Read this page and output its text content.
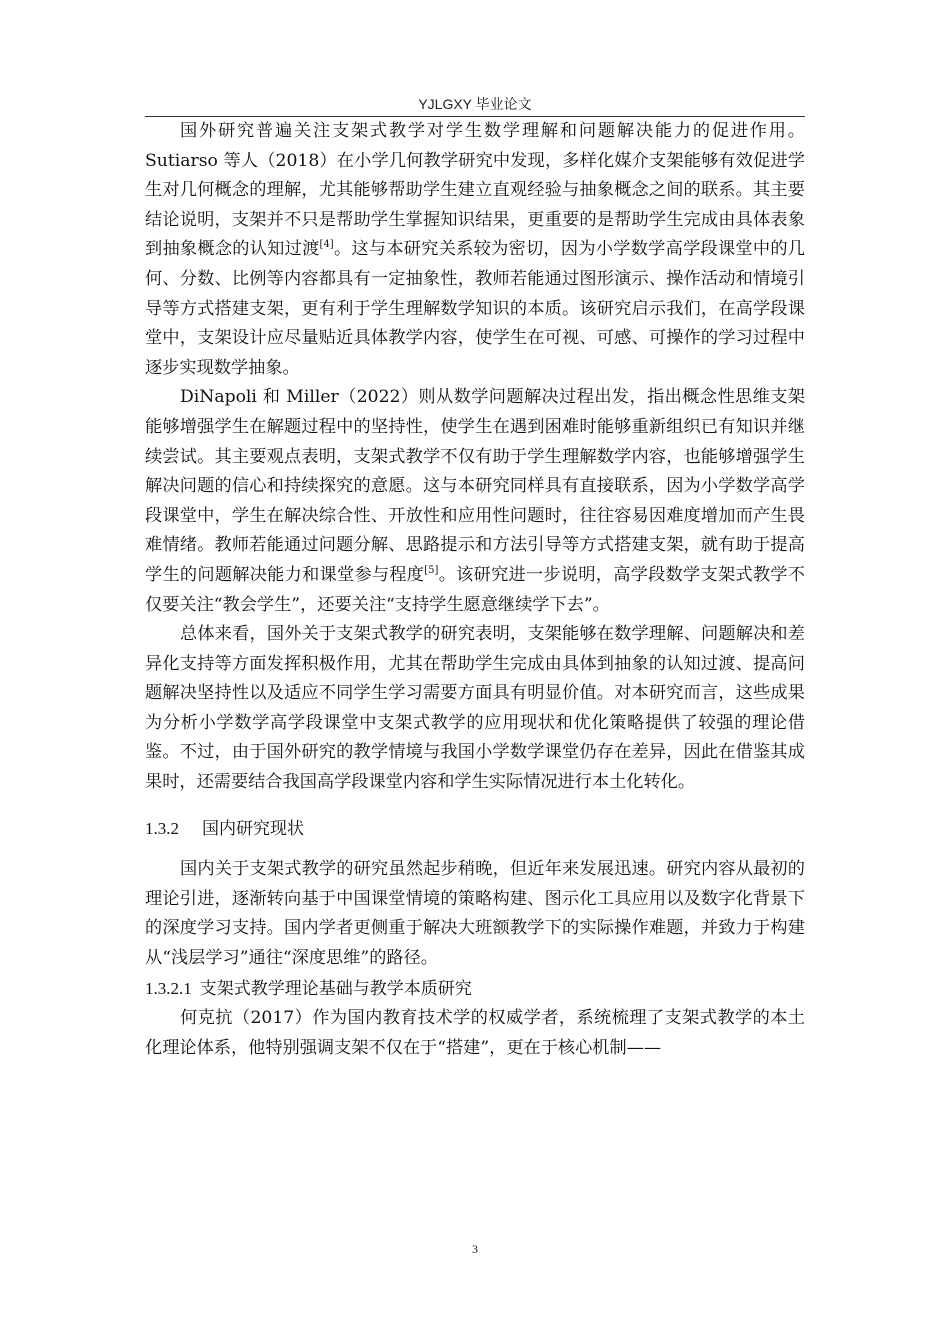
YJLGXY 毕业论文

国外研究普遍关注支架式教学对学生数学理解和问题解决能力的促进作用。Sutiarso 等人（2018）在小学几何教学研究中发现，多样化媒介支架能够有效促进学生对几何概念的理解，尤其能够帮助学生建立直观经验与抽象概念之间的联系。其主要结论说明，支架并不只是帮助学生掌握知识结果，更重要的是帮助学生完成由具体表象到抽象概念的认知过渡[4]。这与本研究关系较为密切，因为小学数学高学段课堂中的几何、分数、比例等内容都具有一定抽象性，教师若能通过图形演示、操作活动和情境引导等方式搭建支架，更有利于学生理解数学知识的本质。该研究启示我们，在高学段课堂中，支架设计应尽量贴近具体教学内容，使学生在可视、可感、可操作的学习过程中逐步实现数学抽象。

DiNapoli 和 Miller（2022）则从数学问题解决过程出发，指出概念性思维支架能够增强学生在解题过程中的坚持性，使学生在遇到困难时能够重新组织已有知识并继续尝试。其主要观点表明，支架式教学不仅有助于学生理解数学内容，也能够增强学生解决问题的信心和持续探究的意愿。这与本研究同样具有直接联系，因为小学数学高学段课堂中，学生在解决综合性、开放性和应用性问题时，往往容易因难度增加而产生畏难情绪。教师若能通过问题分解、思路提示和方法引导等方式搭建支架，就有助于提高学生的问题解决能力和课堂参与程度[5]。该研究进一步说明，高学段数学支架式教学不仅要关注“教会学生”，还要关注“支持学生愿意继续学下去”。

总体来看，国外关于支架式教学的研究表明，支架能够在数学理解、问题解决和差异化支持等方面发挥积极作用，尤其在帮助学生完成由具体到抽象的认知过渡、提高问题解决坚持性以及适应不同学生学习需要方面具有明显价值。对本研究而言，这些成果为分析小学数学高学段课堂中支架式教学的应用现状和优化策略提供了较强的理论借鉴。不过，由于国外研究的教学情境与我国小学数学课堂仍存在差异，因此在借鉴其成果时，还需要结合我国高学段课堂内容和学生实际情况进行本土化转化。

1.3.2 国内研究现状

国内关于支架式教学的研究虽然起步稍晚，但近年来发展迅速。研究内容从最初的理论引进，逐渐转向基于中国课堂情境的策略构建、图示化工具应用以及数字化背景下的深度学习支持。国内学者更侧重于解决大班额教学下的实际操作难题，并致力于构建从“浅层学习”通往“深度思维”的路径。

1.3.2.1 支架式教学理论基础与教学本质研究

何克抗（2017）作为国内教育技术学的权威学者，系统梳理了支架式教学的本土化理论体系，他特别强调支架不仅在于“搭建”，更在于核心机制——

3
